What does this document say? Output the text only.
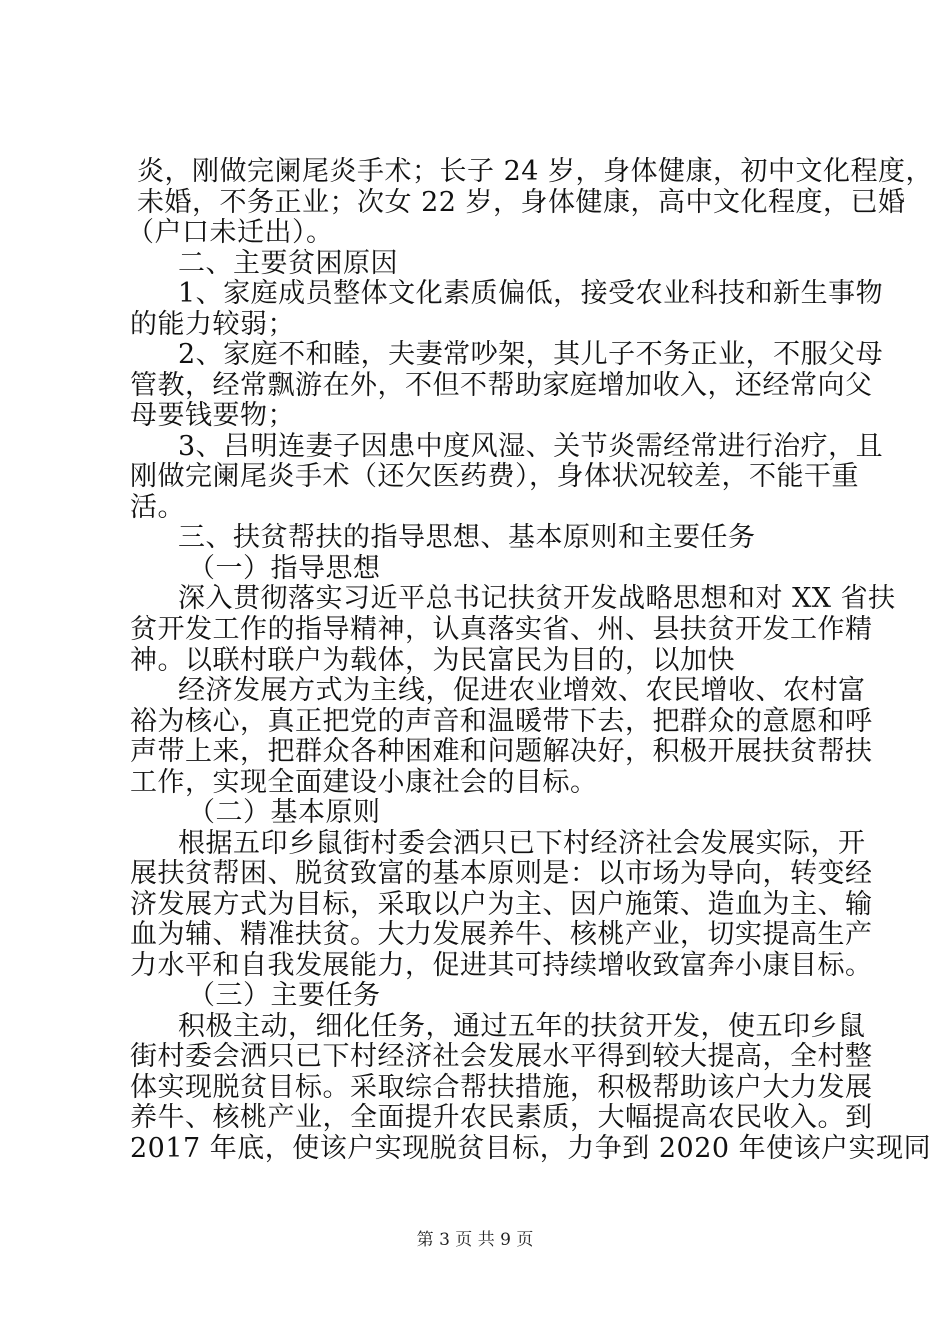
炎，刚做完阑尾炎手术；长子 24 岁，身体健康，初中文化程度，
未婚，不务正业；次女 22 岁，身体健康，高中文化程度，已婚
（户口未迁出）。
二、主要贫困原因
1、家庭成员整体文化素质偏低，接受农业科技和新生事物
的能力较弱；
2、家庭不和睦，夫妻常吵架，其儿子不务正业，不服父母
管教，经常飘游在外，不但不帮助家庭增加收入，还经常向父
母要钱要物；
3、吕明连妻子因患中度风湿、关节炎需经常进行治疗，且
刚做完阑尾炎手术（还欠医药费），身体状况较差，不能干重
活。
三、扶贫帮扶的指导思想、基本原则和主要任务
（一）指导思想
深入贯彻落实习近平总书记扶贫开发战略思想和对 XX 省扶
贫开发工作的指导精神，认真落实省、州、县扶贫开发工作精
神。以联村联户为载体，为民富民为目的，以加快
经济发展方式为主线，促进农业增效、农民增收、农村富
裕为核心，真正把党的声音和温暖带下去，把群众的意愿和呼
声带上来，把群众各种困难和问题解决好，积极开展扶贫帮扶
工作，实现全面建设小康社会的目标。
（二）基本原则
根据五印乡鼠街村委会洒只已下村经济社会发展实际，开
展扶贫帮困、脱贫致富的基本原则是：以市场为导向，转变经
济发展方式为目标，采取以户为主、因户施策、造血为主、输
血为辅、精准扶贫。大力发展养牛、核桃产业，切实提高生产
力水平和自我发展能力，促进其可持续增收致富奔小康目标。
（三）主要任务
积极主动，细化任务，通过五年的扶贫开发，使五印乡鼠
街村委会洒只已下村经济社会发展水平得到较大提高，全村整
体实现脱贫目标。采取综合帮扶措施，积极帮助该户大力发展
养牛、核桃产业，全面提升农民素质，大幅提高农民收入。到
2017 年底，使该户实现脱贫目标，力争到 2020 年使该户实现同
第 3 页 共 9 页
